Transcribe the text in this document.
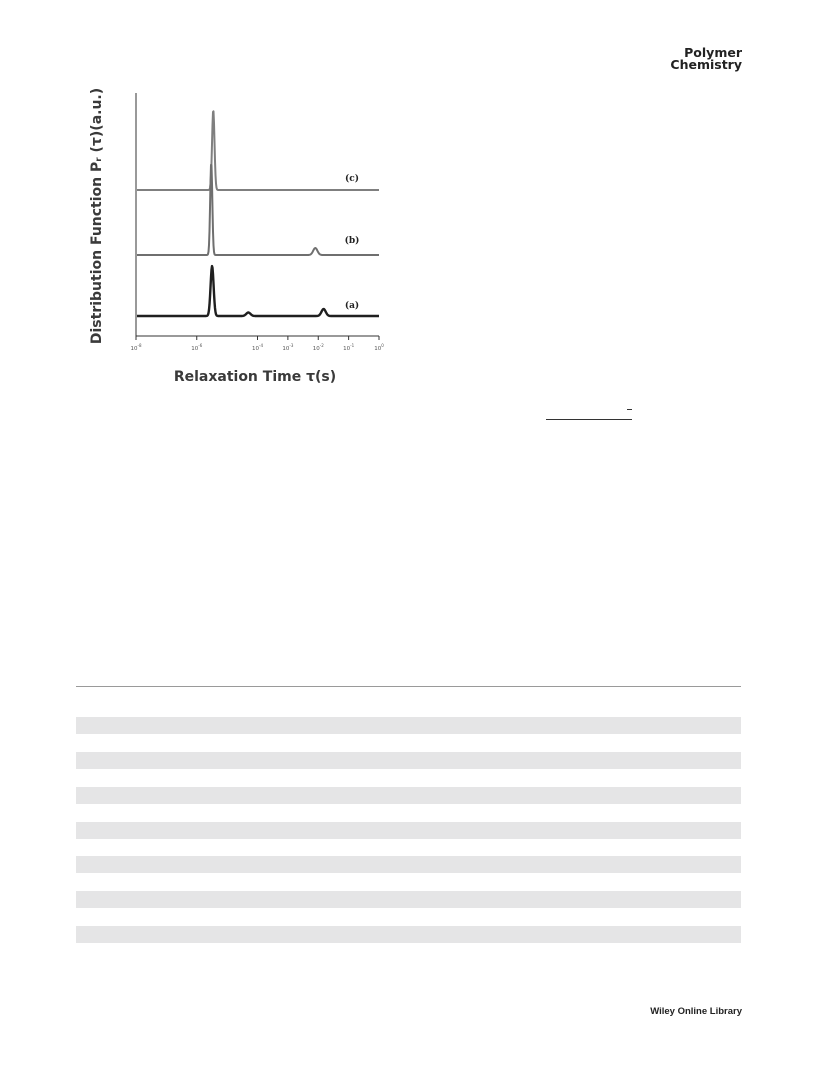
Polymer
Chemistry
(c)
(b)
(a)
$10^{-8}$
$10^{-6}$
$10^{-4}$
$10^{-3}$
$10^{-2}$
$10^{-1}$
$10^0$
Distribution Function Pᵣ (τ)(a.u.)
Relaxation Time τ(s)
Wiley Online Library
